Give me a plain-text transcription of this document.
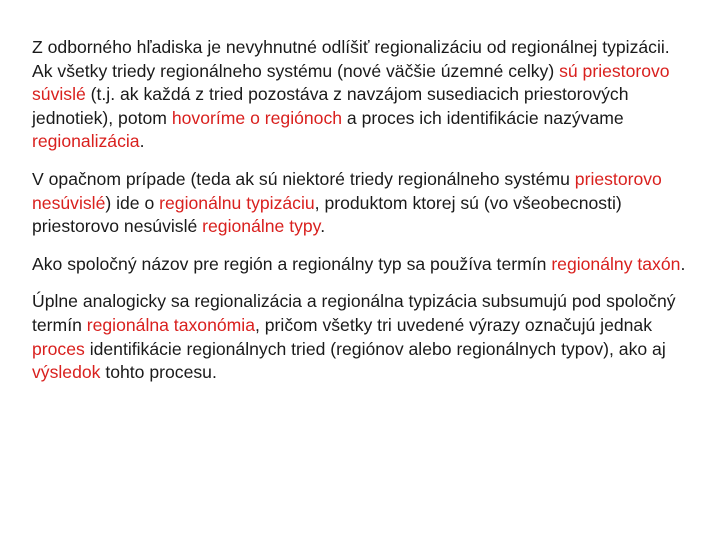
Z odborného hľadiska je nevyhnutné odlíšiť regionalizáciu od regionálnej typizácii. Ak všetky triedy regionálneho systému (nové väčšie územné celky) sú priestorovo súvislé (t.j. ak každá z tried pozostáva z navzájom susediacich priestorových jednotiek), potom hovoríme o regiónoch a proces ich identifikácie nazývame regionalizácia.

V opačnom prípade (teda ak sú niektoré triedy regionálneho systému priestorovo nesúvislé) ide o regionálnu typizáciu, produktom ktorej sú (vo všeobecnosti) priestorovo nesúvislé regionálne typy.

Ako spoločný názov pre región a regionálny typ sa používa termín regionálny taxón.

Úplne analogicky sa regionalizácia a regionálna typizácia subsumujú pod spoločný termín regionálna taxonómia, pričom všetky tri uvedené výrazy označujú jednak proces identifikácie regionálnych tried (regiónov alebo regionálnych typov), ako aj výsledok tohto procesu.
